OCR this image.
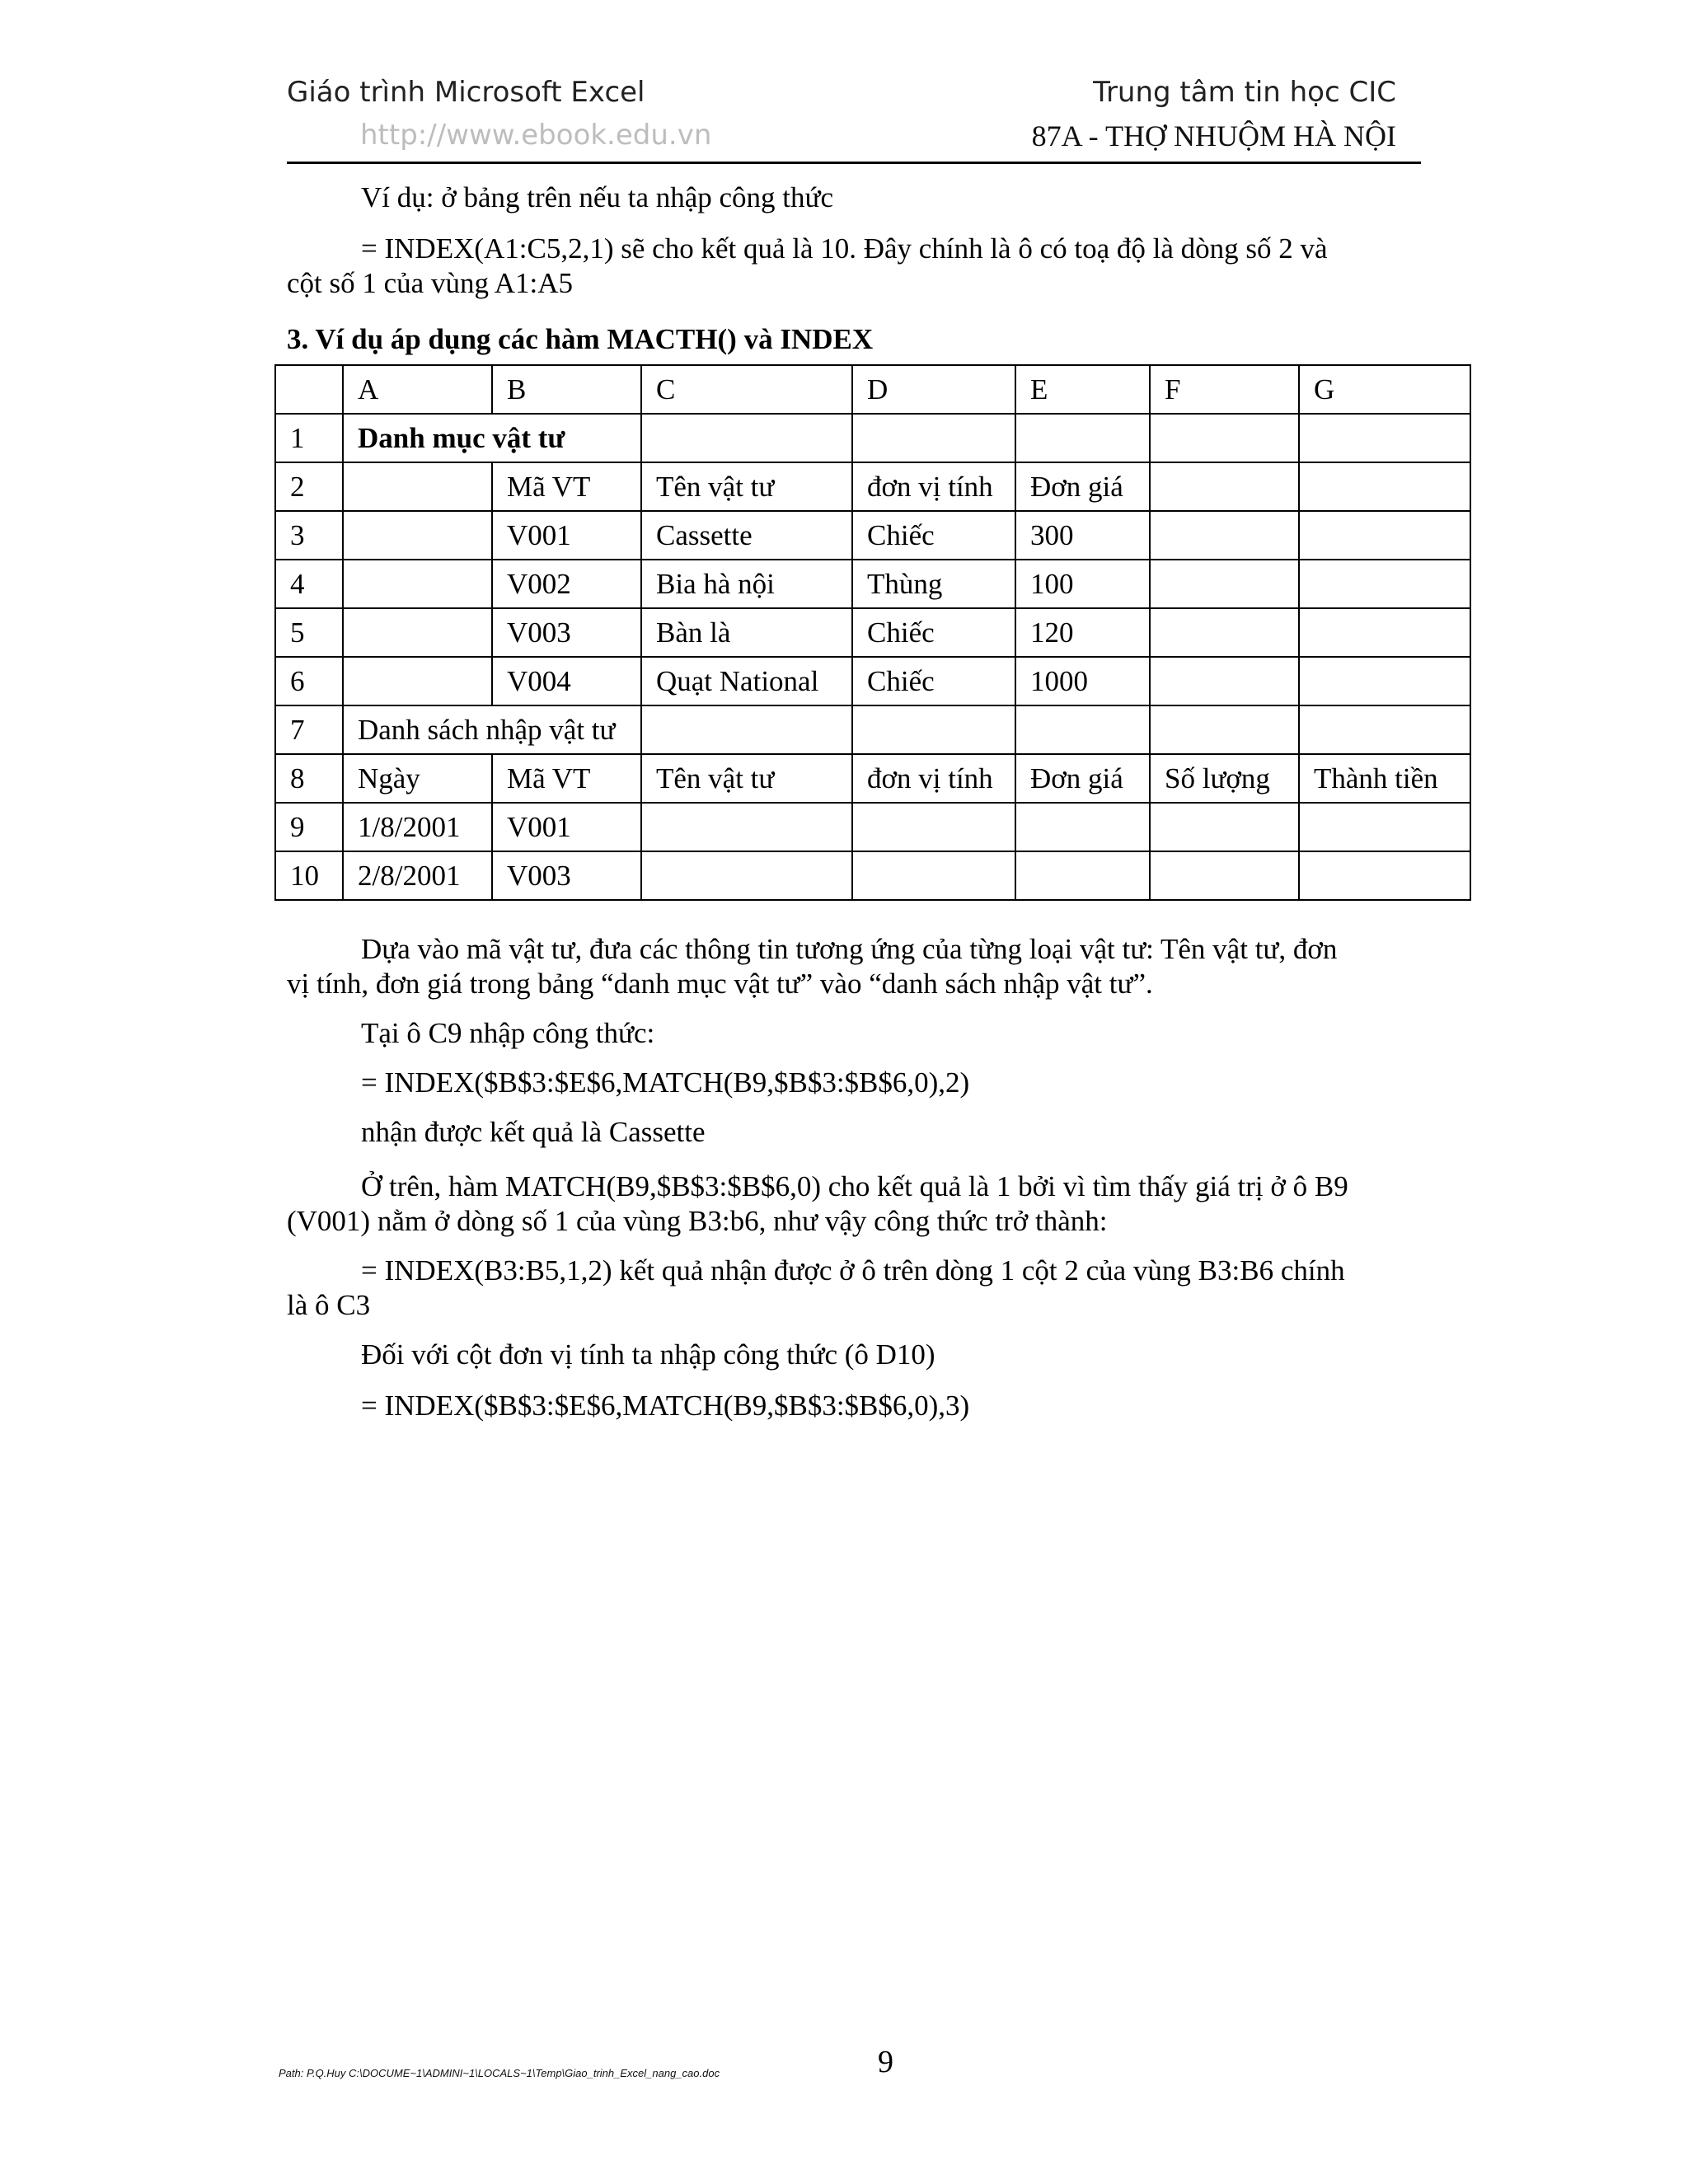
Giáo trình Microsoft Excel
http://www.ebook.edu.vn
Trung tâm tin học CIC
87A - THỢ NHUỘM HÀ NỘI
Ví dụ: ở bảng trên nếu ta nhập công thức
= INDEX(A1:C5,2,1) sẽ cho kết quả là 10. Đây chính là ô có toạ độ là dòng số 2 và
cột số 1 của vùng A1:A5
3. Ví dụ áp dụng các hàm MACTH() và INDEX
	A	B	C	D	E	F	G
1	Danh mục vật tư						
2		Mã VT	Tên vật tư	đơn vị tính	Đơn giá		
3		V001	Cassette	Chiếc	300		
4		V002	Bia hà nội	Thùng	100		
5		V003	Bàn là	Chiếc	120		
6		V004	Quạt National	Chiếc	1000		
7	Danh sách nhập vật tư						
8	Ngày	Mã VT	Tên vật tư	đơn vị tính	Đơn giá	Số lượng	Thành tiền
9	1/8/2001	V001					
10	2/8/2001	V003					
Dựa vào mã vật tư, đưa các thông tin tương ứng của từng loại vật tư: Tên vật tư, đơn
vị tính, đơn giá trong bảng “danh mục vật tư” vào “danh sách nhập vật tư”.
Tại ô C9 nhập công thức:
= INDEX($B$3:$E$6,MATCH(B9,$B$3:$B$6,0),2)
nhận được kết quả là Cassette
Ở trên, hàm MATCH(B9,$B$3:$B$6,0) cho kết quả là 1 bởi vì tìm thấy giá trị ở ô B9
(V001) nằm ở dòng số 1 của vùng B3:b6, như vậy công thức trở thành:
= INDEX(B3:B5,1,2) kết quả nhận được ở ô trên dòng 1 cột 2 của vùng B3:B6 chính
là ô C3
Đối với cột đơn vị tính ta nhập công thức (ô D10)
= INDEX($B$3:$E$6,MATCH(B9,$B$3:$B$6,0),3)
Path: P.Q.Huy C:\DOCUME~1\ADMINI~1\LOCALS~1\Temp\Giao_trinh_Excel_nang_cao.doc	9
